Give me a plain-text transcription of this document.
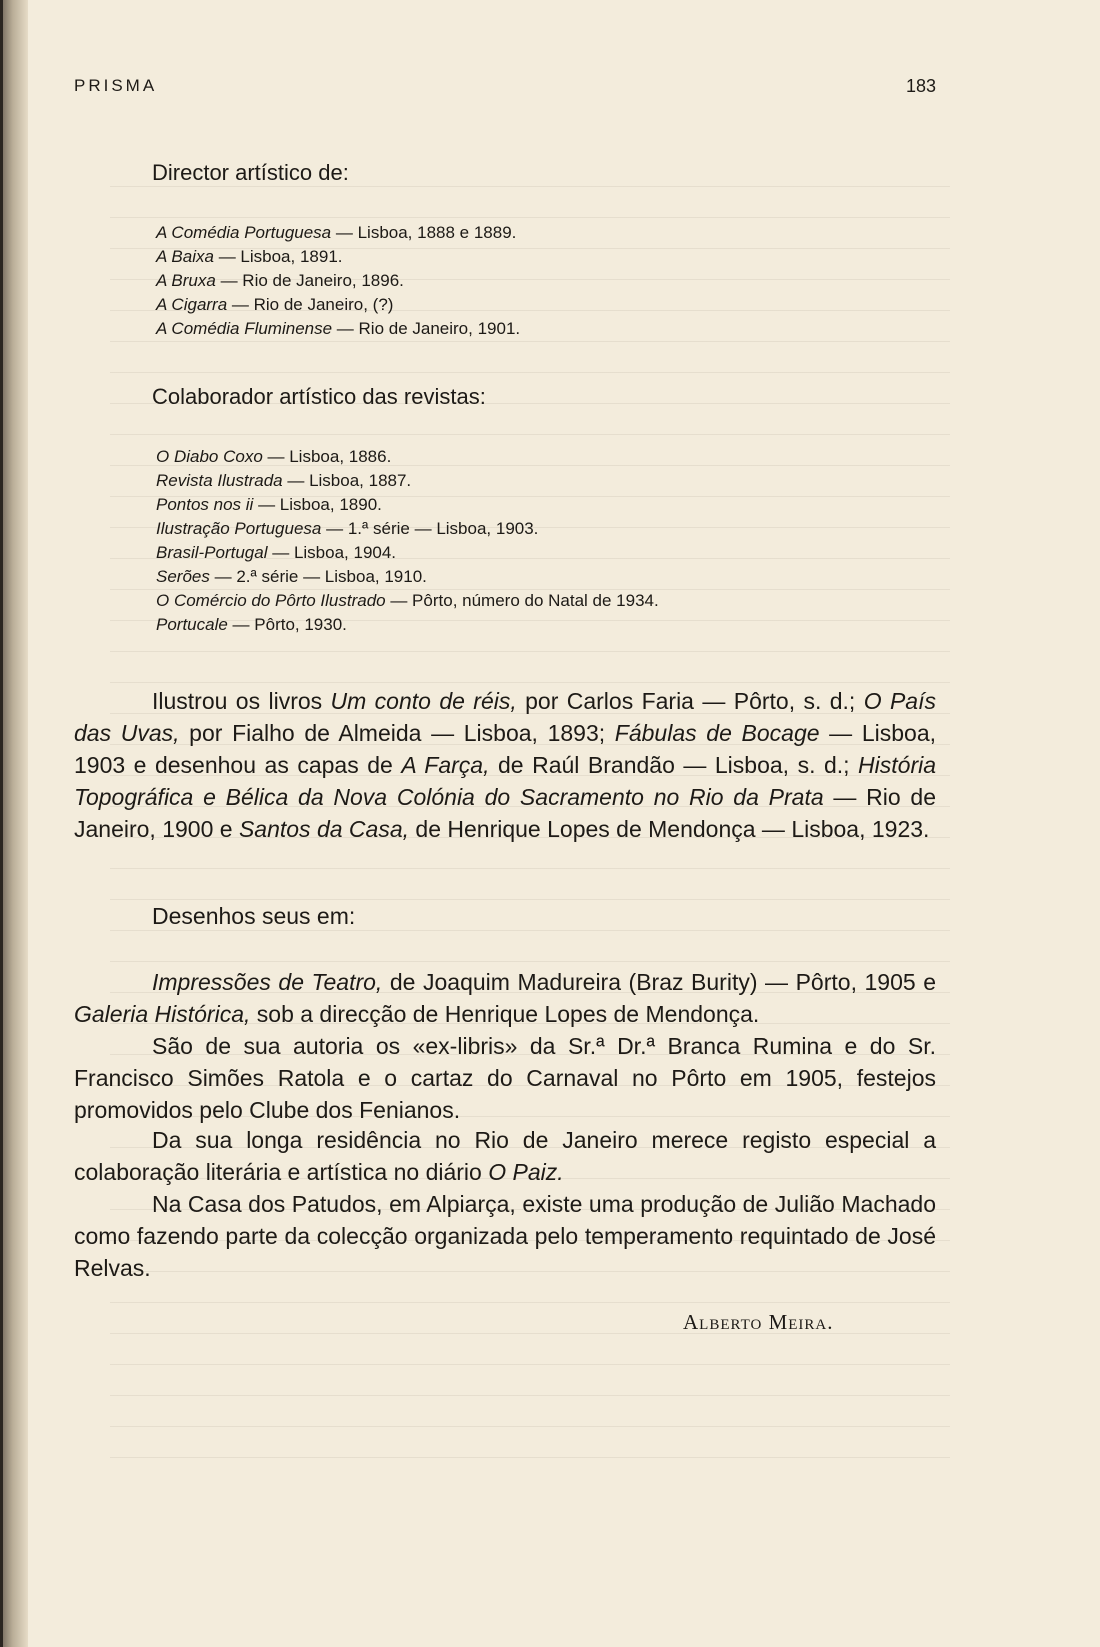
PRISMA	183
Director artístico de:
A Comédia Portuguesa — Lisboa, 1888 e 1889.
A Baixa — Lisboa, 1891.
A Bruxa — Rio de Janeiro, 1896.
A Cigarra — Rio de Janeiro, (?)
A Comédia Fluminense — Rio de Janeiro, 1901.
Colaborador artístico das revistas:
O Diabo Coxo — Lisboa, 1886.
Revista Ilustrada — Lisboa, 1887.
Pontos nos ii — Lisboa, 1890.
Ilustração Portuguesa — 1.ª série — Lisboa, 1903.
Brasil-Portugal — Lisboa, 1904.
Serões — 2.ª série — Lisboa, 1910.
O Comércio do Pôrto Ilustrado — Pôrto, número do Natal de 1934.
Portucale — Pôrto, 1930.

Ilustrou os livros Um conto de réis, por Carlos Faria — Pôrto, s. d.; O País das Uvas, por Fialho de Almeida — Lisboa, 1893; Fábulas de Bocage — Lisboa, 1903 e desenhou as capas de A Farça, de Raúl Brandão — Lisboa, s. d.; História Topográfica e Bélica da Nova Colónia do Sacramento no Rio da Prata — Rio de Janeiro, 1900 e Santos da Casa, de Henrique Lopes de Mendonça — Lisboa, 1923.

Desenhos seus em:

Impressões de Teatro, de Joaquim Madureira (Braz Burity) — Pôrto, 1905 e Galeria Histórica, sob a direcção de Henrique Lopes de Mendonça.

São de sua autoria os «ex-libris» da Sr.ª Dr.ª Branca Rumina e do Sr. Francisco Simões Ratola e o cartaz do Carnaval no Pôrto em 1905, festejos promovidos pelo Clube dos Fenianos.

Da sua longa residência no Rio de Janeiro merece registo especial a colaboração literária e artística no diário O Paiz.

Na Casa dos Patudos, em Alpiarça, existe uma produção de Julião Machado como fazendo parte da colecção organizada pelo temperamento requintado de José Relvas.

Alberto Meira.
